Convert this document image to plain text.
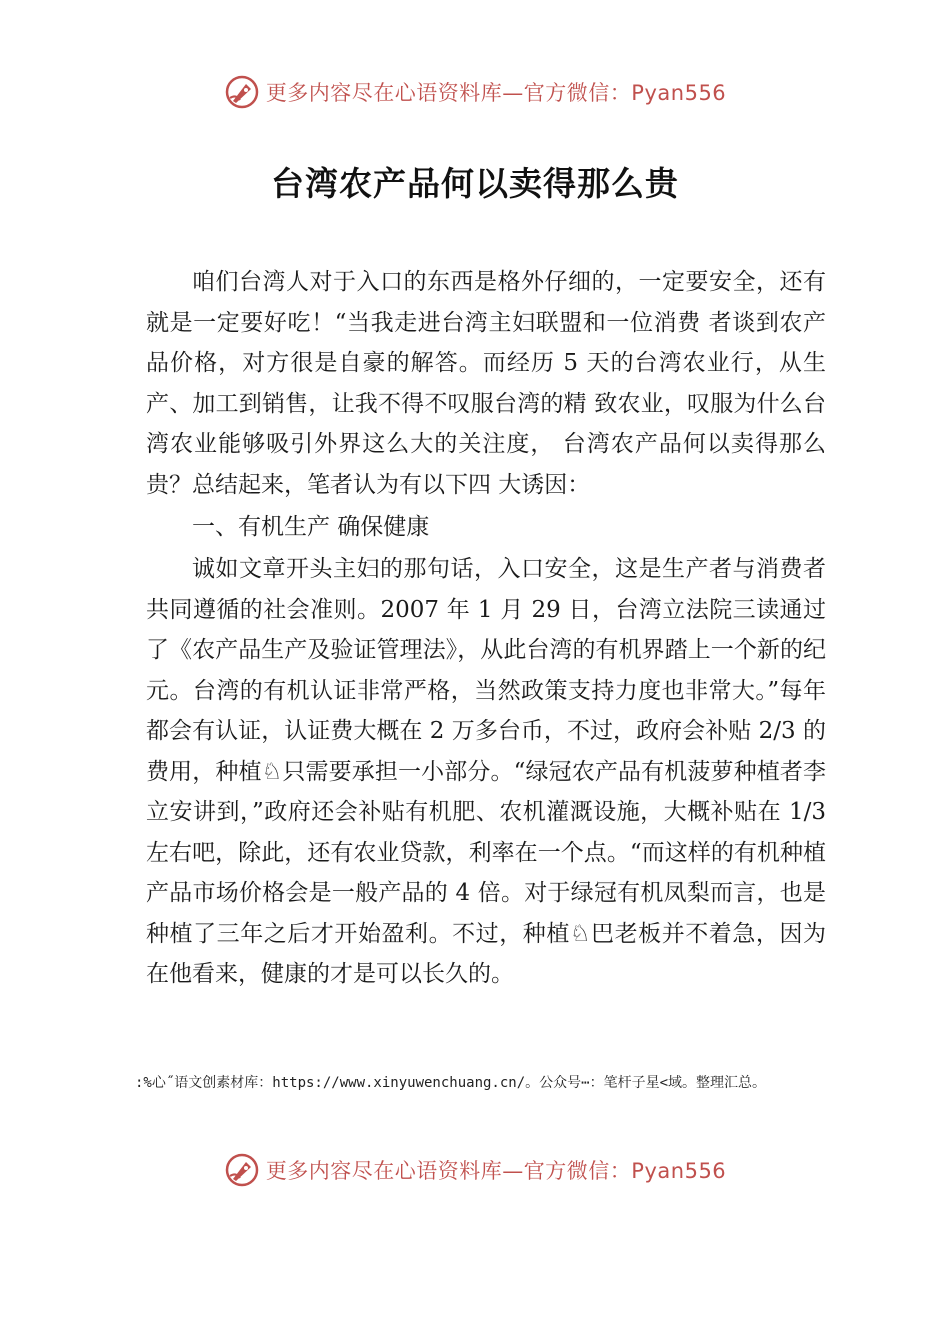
更多内容尽在心语资料库—官方微信：Pyan556
台湾农产品何以卖得那么贵

咱们台湾人对于入口的东西是格外仔细的，一定要安全，还有就是一定要好吃！“当我走进台湾主妇联盟和一位消费 者谈到农产品价格，对方很是自豪的解答。而经历 5 天的台湾农业行，从生产、加工到销售，让我不得不叹服台湾的精 致农业，叹服为什么台湾农业能够吸引外界这么大的关注度， 台湾农产品何以卖得那么贵？总结起来，笔者认为有以下四 大诱因：

一、有机生产 确保健康

诚如文章开头主妇的那句话，入口安全，这是生产者与消费者共同遵循的社会准则。2007 年 1 月 29 日，台湾立法院三读通过了《农产品生产及验证管理法》，从此台湾的有机界踏上一个新的纪元。台湾的有机认证非常严格，当然政策支持力度也非常大。”每年都会有认证，认证费大概在 2 万多台币，不过，政府会补贴 2/3 的费用，种植♘只需要承担一小部分。“绿冠农产品有机菠萝种植者李立安讲到，”政府还会补贴有机肥、农机灌溉设施，大概补贴在 1/3 左右吧，除此，还有农业贷款，利率在一个点。“而这样的有机种植产品市场价格会是一般产品的 4 倍。对于绿冠有机凤梨而言，也是种植了三年之后才开始盈利。不过，种植♘巴老板并不着急，因为在他看来，健康的才是可以长久的。

:%心˝语文创素材库：https://www.xinyuwenchuang.cn/。公众号⋯：笔杆子星<域。整理汇总。
更多内容尽在心语资料库—官方微信：Pyan556
